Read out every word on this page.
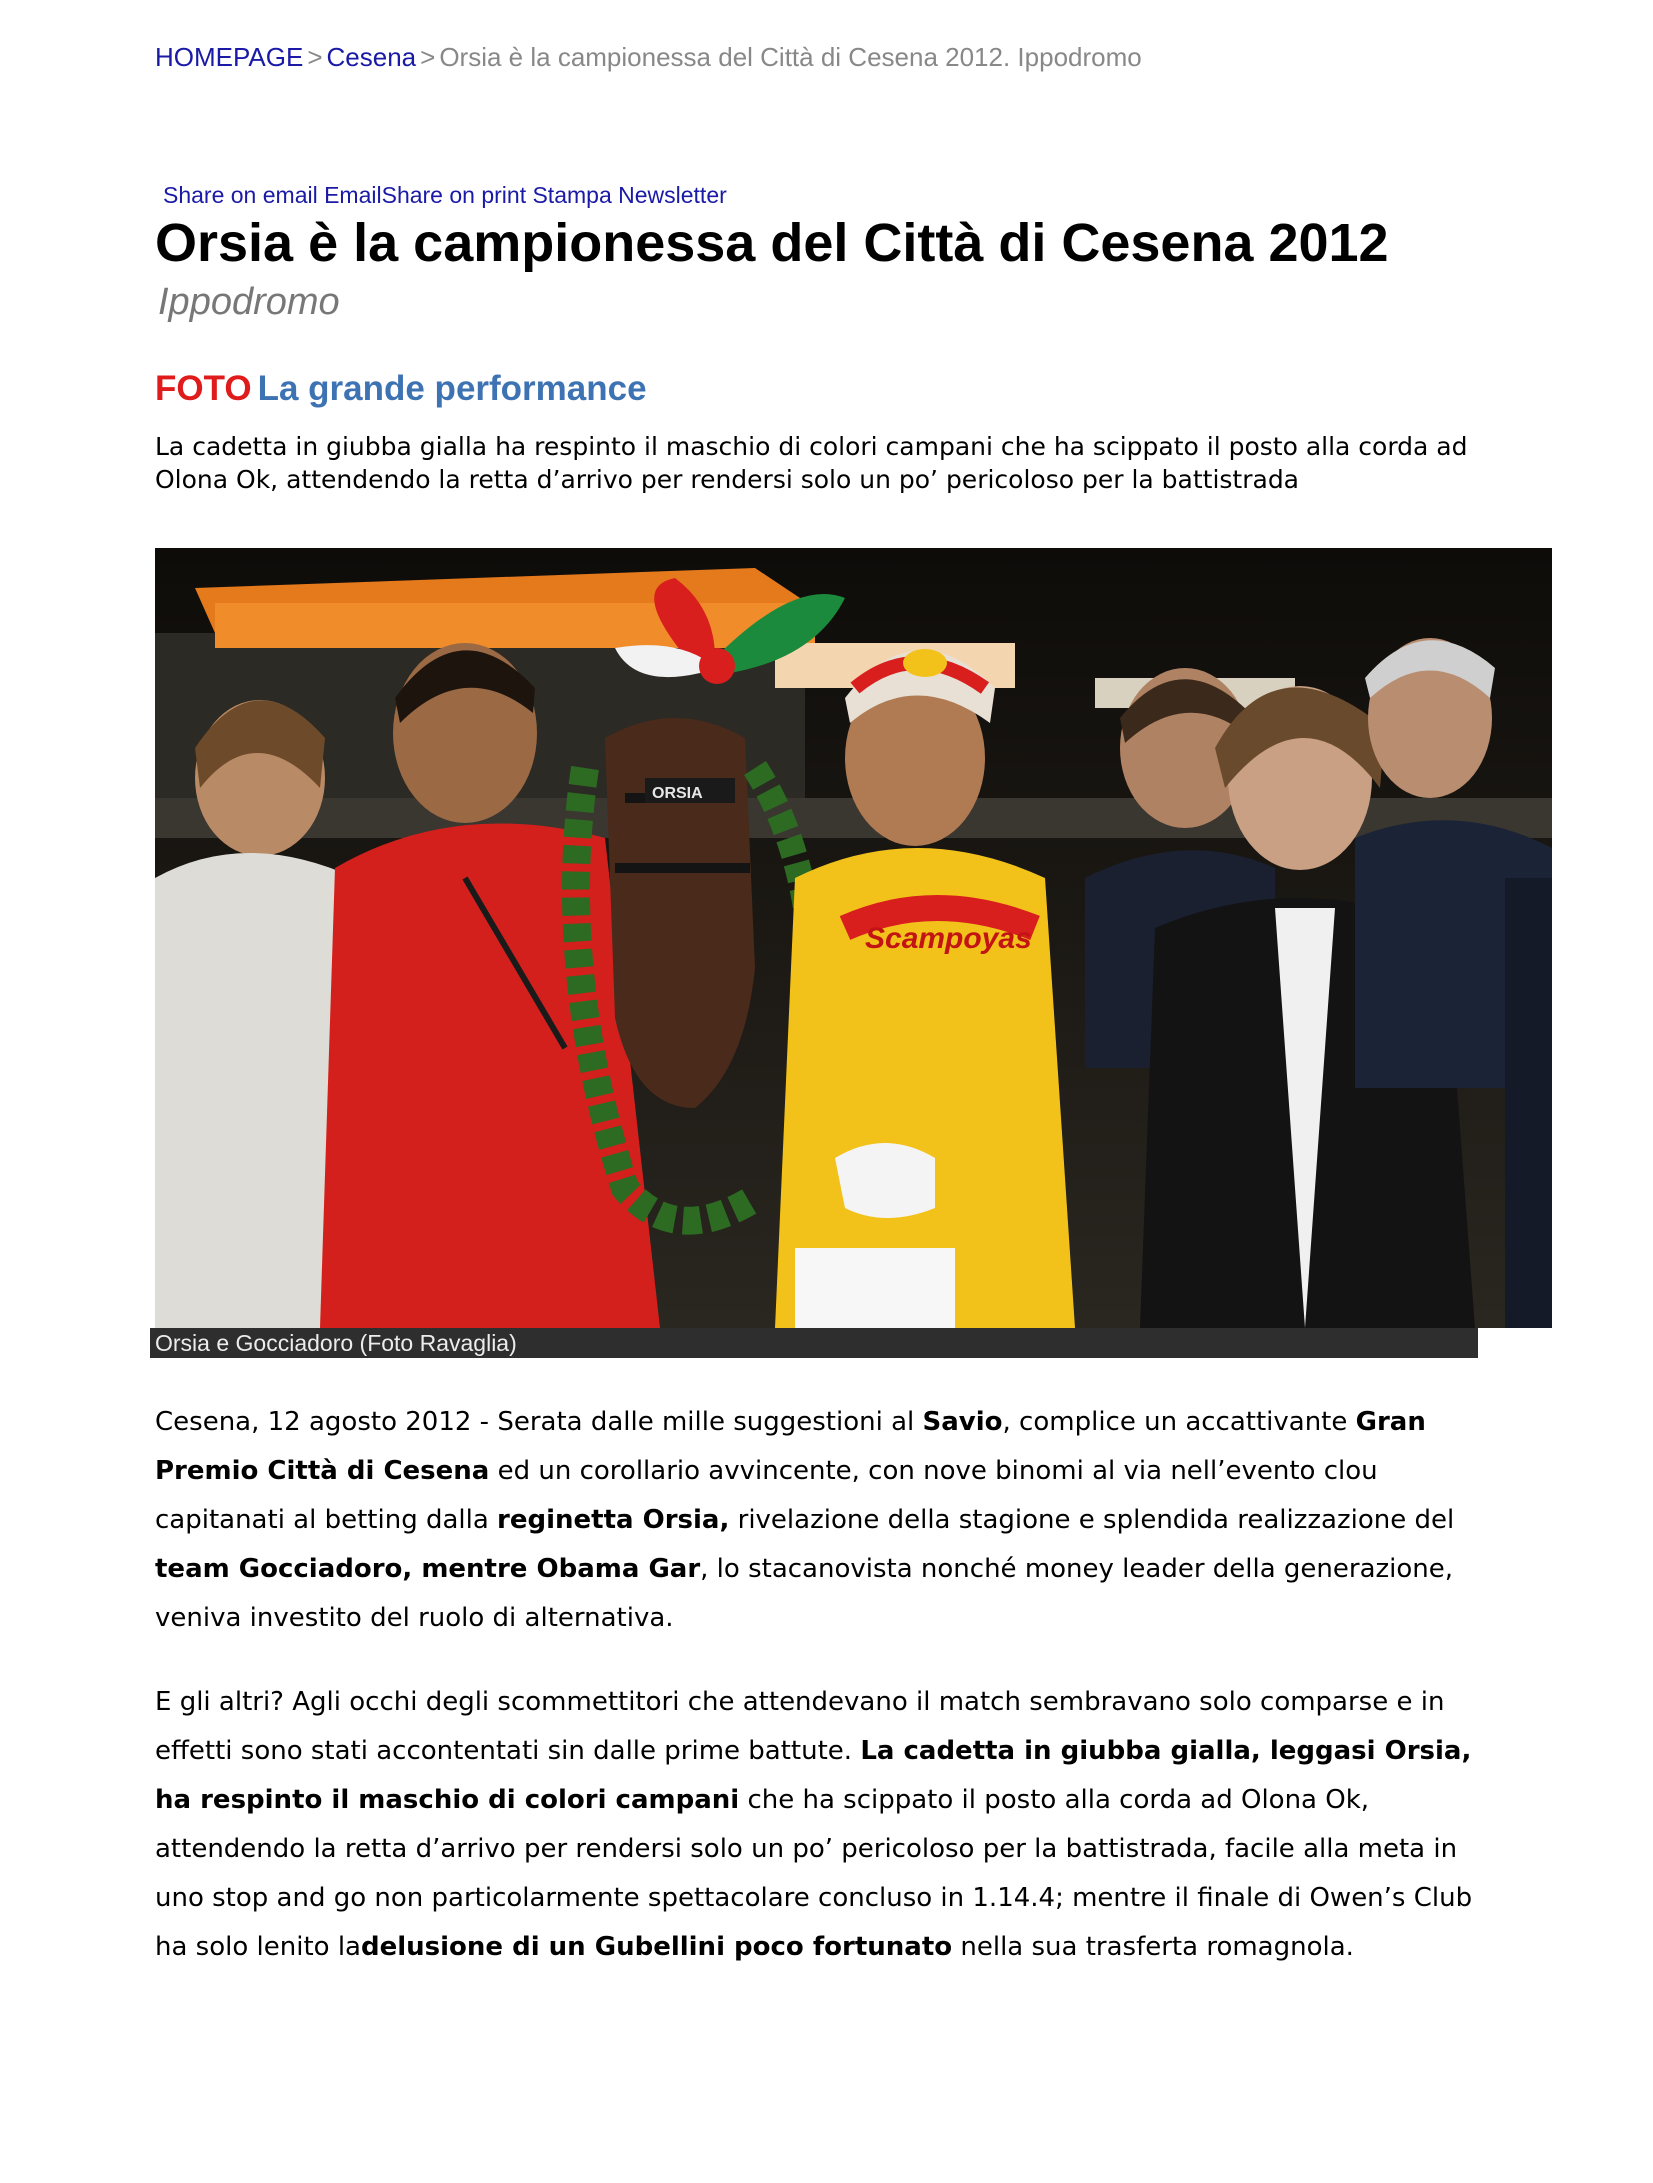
HOMEPAGE > Cesena > Orsia è la campionessa del Città di Cesena 2012. Ippodromo
Share on email EmailShare on print Stampa Newsletter
Orsia è la campionessa del Città di Cesena 2012
Ippodromo
FOTO La grande performance
La cadetta in giubba gialla ha respinto il maschio di colori campani che ha scippato il posto alla corda ad Olona Ok, attendendo la retta d’arrivo per rendersi solo un po’ pericoloso per la battistrada
ORSIA
Scampoyas
Orsia e Gocciadoro (Foto Ravaglia)

Cesena, 12 agosto 2012 - Serata dalle mille suggestioni al Savio, complice un accattivante Gran Premio Città di Cesena ed un corollario avvincente, con nove binomi al via nell’evento clou capitanati al betting dalla reginetta Orsia, rivelazione della stagione e splendida realizzazione del team Gocciadoro, mentre Obama Gar, lo stacanovista nonché money leader della generazione, veniva investito del ruolo di alternativa.

E gli altri? Agli occhi degli scommettitori che attendevano il match sembravano solo comparse e in effetti sono stati accontentati sin dalle prime battute. La cadetta in giubba gialla, leggasi Orsia, ha respinto il maschio di colori campani che ha scippato il posto alla corda ad Olona Ok, attendendo la retta d’arrivo per rendersi solo un po’ pericoloso per la battistrada, facile alla meta in uno stop and go non particolarmente spettacolare concluso in 1.14.4; mentre il finale di Owen’s Club ha solo lenito ladelusione di un Gubellini poco fortunato nella sua trasferta romagnola.
